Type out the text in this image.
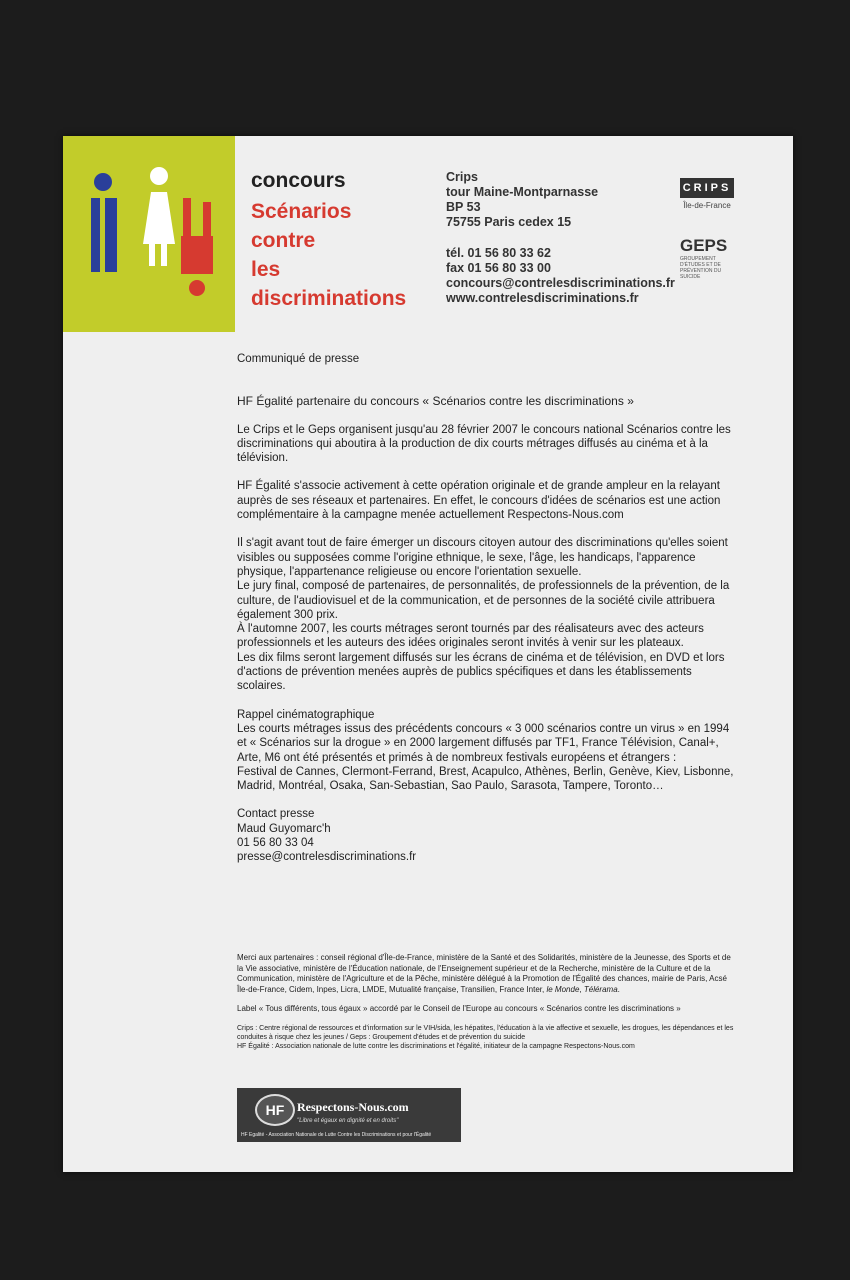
concours
Scénarios
contre
les
discriminations
Crips
tour Maine-Montparnasse
BP 53
75755 Paris cedex 15
tél. 01 56 80 33 62
fax 01 56 80 33 00
concours@contrelesdiscriminations.fr
www.contrelesdiscriminations.fr
CRIPS
Île-de-France
GEPS
GROUPEMENT D'ÉTUDES ET DE PRÉVENTION DU SUICIDE

Communiqué de presse

HF Égalité partenaire du concours « Scénarios contre les discriminations »

Le Crips et le Geps organisent jusqu'au 28 février 2007 le concours national Scénarios contre les discriminations qui aboutira à la production de dix courts métrages diffusés au cinéma et à la télévision.

HF Égalité s'associe activement à cette opération originale et de grande ampleur en la relayant auprès de ses réseaux et partenaires. En effet, le concours d'idées de scénarios est une action complémentaire à la campagne menée actuellement Respectons-Nous.com

Il s'agit avant tout de faire émerger un discours citoyen autour des discriminations qu'elles soient visibles ou supposées comme l'origine ethnique, le sexe, l'âge, les handicaps, l'apparence physique, l'appartenance religieuse ou encore l'orientation sexuelle.
Le jury final, composé de partenaires, de personnalités, de professionnels de la prévention, de la culture, de l'audiovisuel et de la communication, et de personnes de la société civile attribuera également 300 prix.
À l'automne 2007, les courts métrages seront tournés par des réalisateurs avec des acteurs professionnels et les auteurs des idées originales seront invités à venir sur les plateaux.
Les dix films seront largement diffusés sur les écrans de cinéma et de télévision, en DVD et lors d'actions de prévention menées auprès de publics spécifiques et dans les établissements scolaires.
Rappel cinématographique
Les courts métrages issus des précédents concours « 3 000 scénarios contre un virus » en 1994 et « Scénarios sur la drogue » en 2000 largement diffusés par TF1, France Télévision, Canal+, Arte, M6 ont été présentés et primés à de nombreux festivals européens et étrangers :
Festival de Cannes, Clermont-Ferrand, Brest, Acapulco, Athènes, Berlin, Genève, Kiev, Lisbonne, Madrid, Montréal, Osaka, San-Sebastian, Sao Paulo, Sarasota, Tampere, Toronto…
Contact presse
Maud Guyomarc'h
01 56 80 33 04
presse@contrelesdiscriminations.fr

Merci aux partenaires : conseil régional d'Île-de-France, ministère de la Santé et des Solidarités, ministère de la Jeunesse, des Sports et de la Vie associative, ministère de l'Éducation nationale, de l'Enseignement supérieur et de la Recherche, ministère de la Culture et de la Communication, ministère de l'Agriculture et de la Pêche, ministère délégué à la Promotion de l'Égalité des chances, mairie de Paris, Acsé Île-de-France, Cidem, Inpes, Licra, LMDE, Mutualité française, Transilien, France Inter, le Monde, Télérama.

Label « Tous différents, tous égaux » accordé par le Conseil de l'Europe au concours « Scénarios contre les discriminations »

Crips : Centre régional de ressources et d'information sur le VIH/sida, les hépatites, l'éducation à la vie affective et sexuelle, les drogues, les dépendances et les conduites à risque chez les jeunes / Geps : Groupement d'études et de prévention du suicide
HF Égalité : Association nationale de lutte contre les discriminations et l'égalité, initiateur de la campagne Respectons-Nous.com
HF	Respectons-Nous.com
"Libre et égaux en dignité et en droits"
HF Egalité - Association Nationale de Lutte Contre les Discriminations et pour l'Égalité
